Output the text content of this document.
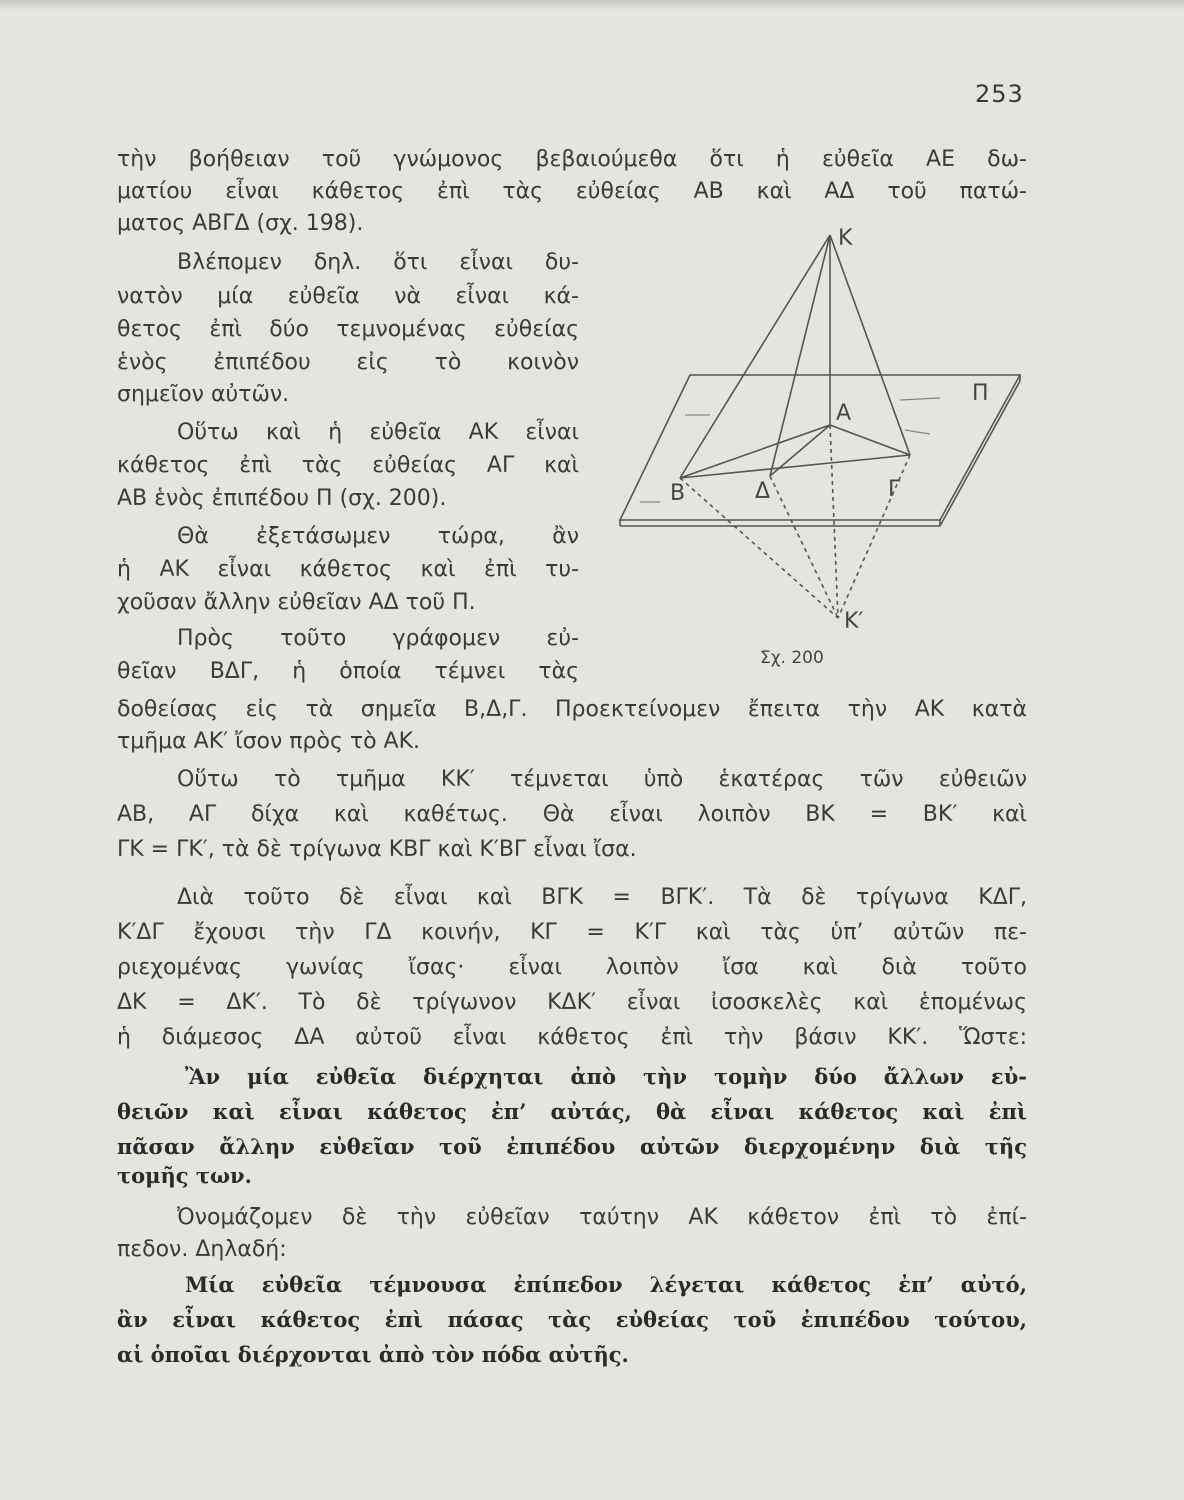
253
τὴν βοήθειαν τοῦ γνώμονος βεβαιούμεθα ὅτι ἡ εὐθεῖα ΑΕ δω-
ματίου εἶναι κάθετος ἐπὶ τὰς εὐθείας ΑΒ καὶ ΑΔ τοῦ πατώ-
ματος ΑΒΓΔ (σχ. 198).
Βλέπομεν δηλ. ὅτι εἶναι δυ-
νατὸν μία εὐθεῖα νὰ εἶναι κά-
θετος ἐπὶ δύο τεμνομένας εὐθείας
ἑνὸς ἐπιπέδου εἰς τὸ κοινὸν
σημεῖον αὐτῶν.
Οὕτω καὶ ἡ εὐθεῖα ΑΚ εἶναι
κάθετος ἐπὶ τὰς εὐθείας ΑΓ καὶ
ΑΒ ἑνὸς ἐπιπέδου Π (σχ. 200).
Θὰ ἐξετάσωμεν τώρα, ἂν
ἡ ΑΚ εἶναι κάθετος καὶ ἐπὶ τυ-
χοῦσαν ἄλλην εὐθεῖαν ΑΔ τοῦ Π.
Πρὸς τοῦτο γράφομεν εὐ-
θεῖαν ΒΔΓ, ἡ ὁποία τέμνει τὰς
δοθείσας εἰς τὰ σημεῖα Β,Δ,Γ. Προεκτείνομεν ἔπειτα τὴν ΑΚ κατὰ
τμῆμα ΑΚ′ ἴσον πρὸς τὸ ΑΚ.
Οὕτω τὸ τμῆμα ΚΚ′ τέμνεται ὑπὸ ἑκατέρας τῶν εὐθειῶν
ΑΒ, ΑΓ δίχα καὶ καθέτως. Θὰ εἶναι λοιπὸν ΒΚ = ΒΚ′ καὶ
ΓΚ = ΓΚ′, τὰ δὲ τρίγωνα ΚΒΓ καὶ Κ′ΒΓ εἶναι ἴσα.
Διὰ τοῦτο δὲ εἶναι καὶ ΒΓΚ = ΒΓΚ′. Τὰ δὲ τρίγωνα ΚΔΓ,
Κ′ΔΓ ἔχουσι τὴν ΓΔ κοινήν, ΚΓ = Κ′Γ καὶ τὰς ὑπ’ αὐτῶν πε-
ριεχομένας γωνίας ἴσας· εἶναι λοιπὸν ἴσα καὶ διὰ τοῦτο
ΔΚ = ΔΚ′. Τὸ δὲ τρίγωνον ΚΔΚ′ εἶναι ἰσοσκελὲς καὶ ἑπομένως
ἡ διάμεσος ΔΑ αὐτοῦ εἶναι κάθετος ἐπὶ τὴν βάσιν ΚΚ′. Ὥστε:
Ἂν μία εὐθεῖα διέρχηται ἀπὸ τὴν τομὴν δύο ἄλλων εὐ-
θειῶν καὶ εἶναι κάθετος ἐπ’ αὐτάς, θὰ εἶναι κάθετος καὶ ἐπὶ
πᾶσαν ἄλλην εὐθεῖαν τοῦ ἐπιπέδου αὐτῶν διερχομένην διὰ τῆς
τομῆς των.
Ὀνομάζομεν δὲ τὴν εὐθεῖαν ταύτην ΑΚ κάθετον ἐπὶ τὸ ἐπί-
πεδον. Δηλαδή:
Μία εὐθεῖα τέμνουσα ἐπίπεδον λέγεται κάθετος ἐπ’ αὐτό,
ἂν εἶναι κάθετος ἐπὶ πάσας τὰς εὐθείας τοῦ ἐπιπέδου τούτου,
αἱ ὁποῖαι διέρχονται ἀπὸ τὸν πόδα αὐτῆς.
Κ
Π
Α
Β	Δ	Γ
Κ′
Σχ. 200
